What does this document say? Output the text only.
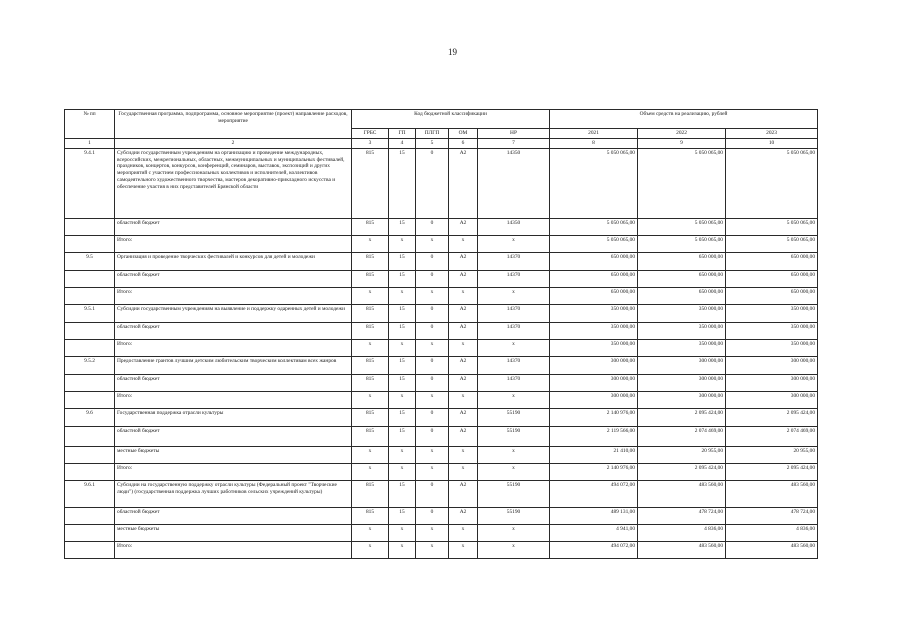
19
№ пп	Государственная программа, подпрограмма, основное мероприятие (проект) направление расходов, мероприятие	Код бюджетной классификации					Объем средств на реализацию, рублей		
		ГРБС	ГП	ПЛГП	ОМ	НР	2021	2022	2023
1	2	3	4	5	6	7	8	9	10
9.4.1	Субсидии государственным учреждениям на организацию и проведение международных, всероссийских, межрегиональных, областных, межмуниципальных и муниципальных фестивалей, праздников, концертов, конкурсов, конференций, семинаров, выставок, экспозиций и других мероприятий с участием профессиональных коллективов и исполнителей, коллективов самодеятельного художественного творчества, мастеров декоративно-прикладного искусства и обеспечение участия в них представителей Брянской области	815	15	0	А2	14350	5 050 065,00	5 050 065,00	5 050 065,00
	областной бюджет	815	15	0	А2	14350	5 050 065,00	5 050 065,00	5 050 065,00
	Итого:	х	х	х	х	х	5 050 065,00	5 050 065,00	5 050 065,00
9.5	Организация и проведение творческих фестивалей и конкурсов для детей и молодежи	815	15	0	А2	14370	650 000,00	650 000,00	650 000,00
	областной бюджет	815	15	0	А2	14370	650 000,00	650 000,00	650 000,00
	Итого:	х	х	х	х	х	650 000,00	650 000,00	650 000,00
9.5.1	Субсидии государственным учреждениям на выявление и поддержку одаренных детей и молодежи	815	15	0	А2	14370	350 000,00	350 000,00	350 000,00
	областной бюджет	815	15	0	А2	14370	350 000,00	350 000,00	350 000,00
	Итого:	х	х	х	х	х	350 000,00	350 000,00	350 000,00
9.5.2	Предоставление грантов лучшим детским любительским творческим коллективам всех жанров	815	15	0	А2	14370	300 000,00	300 000,00	300 000,00
	областной бюджет	815	15	0	А2	14370	300 000,00	300 000,00	300 000,00
	Итого:	х	х	х	х	х	300 000,00	300 000,00	300 000,00
9.6	Государственная поддержка отрасли культуры	815	15	0	А2	55190	2 140 976,00	2 095 424,00	2 095 424,00
	областной бюджет	815	15	0	А2	55190	2 119 566,00	2 074 469,00	2 074 469,00
	местные бюджеты	х	х	х	х	х	21 410,00	20 955,00	20 955,00
	Итого:	х	х	х	х	х	2 140 976,00	2 095 424,00	2 095 424,00
9.6.1	Субсидии на государственную поддержку отрасли культуры (Федеральный проект "Творческие люди") (государственная поддержка лучших работников сельских учреждений культуры)	815	15	0	А2	55190	494 072,00	483 560,00	483 560,00
	областной бюджет	815	15	0	А2	55190	489 131,00	478 724,00	478 724,00
	местные бюджеты	х	х	х	х	х	4 941,00	4 836,00	4 836,00
	Итого:	х	х	х	х	х	494 072,00	483 560,00	483 560,00
